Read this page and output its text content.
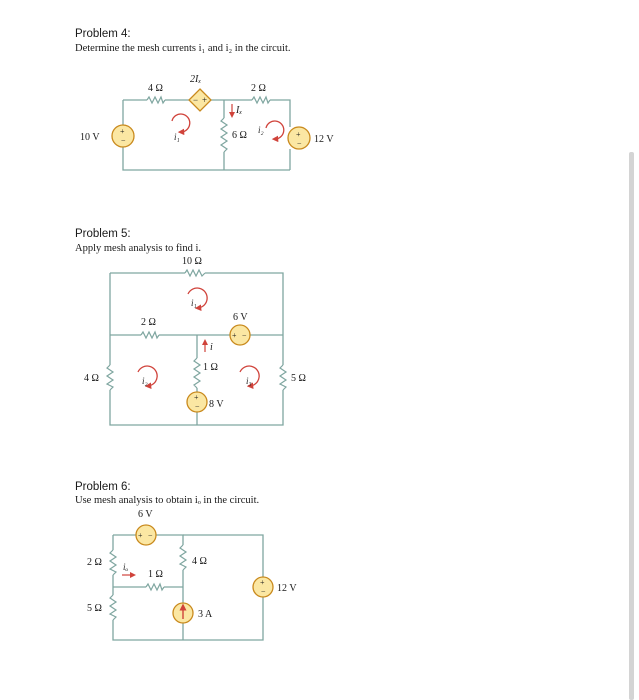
Problem 4:
Determine the mesh currents i₁ and i₂ in the circuit.
Problem 5:
Apply mesh analysis to find i.
Problem 6:
Use mesh analysis to obtain iₒ in the circuit.
4 Ω
− +
2Iₓ
2 Ω
6 Ω
Iₓ
+
−
10 V	+
− 12 V
i₁
i₂
10 Ω
2 Ω
+ −
6 V
i
1 Ω
+
− 8 V
4 Ω	5 Ω
i₁
i₂	i₃
+ −
6 V
2 Ω iₒ
1 Ω
4 Ω
+
− 12 V
5 Ω
3 A
